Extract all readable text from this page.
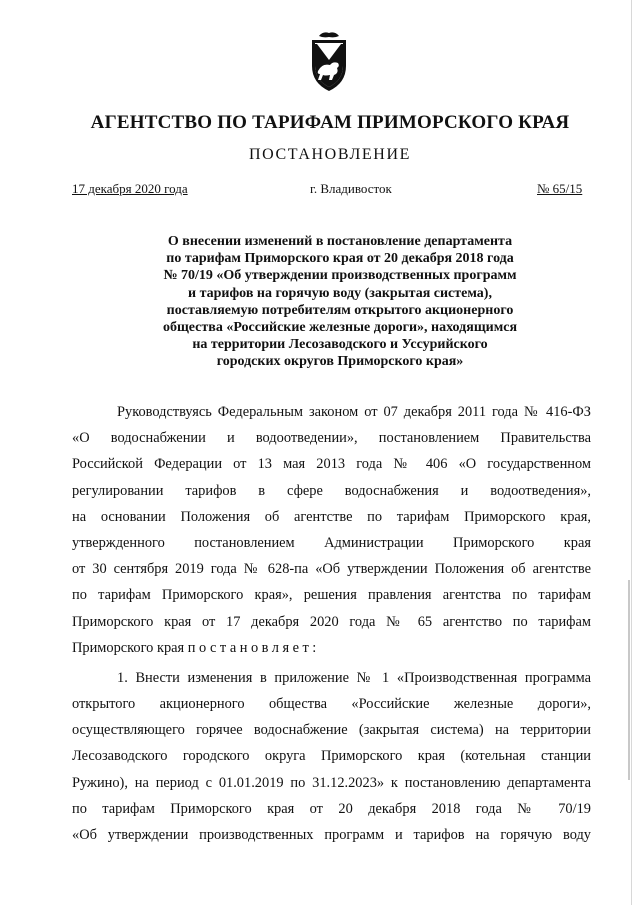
АГЕНТСТВО ПО ТАРИФАМ ПРИМОРСКОГО КРАЯ
ПОСТАНОВЛЕНИЕ
17 декабря 2020 года	г. Владивосток	№ 65/15
О внесении изменений в постановление департамента
по тарифам Приморского края от 20 декабря 2018 года
№ 70/19 «Об утверждении производственных программ
и тарифов на горячую воду (закрытая система),
поставляемую потребителям открытого акционерного
общества «Российские железные дороги», находящимся
на территории Лесозаводского и Уссурийского
городских округов Приморского края»
Руководствуясь Федеральным законом от 07 декабря 2011 года № 416-ФЗ
«О водоснабжении и водоотведении», постановлением Правительства
Российской Федерации от 13 мая 2013 года № 406 «О государственном
регулировании тарифов в сфере водоснабжения и водоотведения»,
на основании Положения об агентстве по тарифам Приморского края,
утвержденного постановлением Администрации Приморского края
от 30 сентября 2019 года № 628-па «Об утверждении Положения об агентстве
по тарифам Приморского края», решения правления агентства по тарифам
Приморского края от 17 декабря 2020 года № 65 агентство по тарифам
Приморского края постановляет:
1. Внести изменения в приложение № 1 «Производственная программа
открытого акционерного общества «Российские железные дороги»,
осуществляющего горячее водоснабжение (закрытая система) на территории
Лесозаводского городского округа Приморского края (котельная станции
Ружино), на период с 01.01.2019 по 31.12.2023» к постановлению департамента
по тарифам Приморского края от 20 декабря 2018 года № 70/19
«Об утверждении производственных программ и тарифов на горячую воду
